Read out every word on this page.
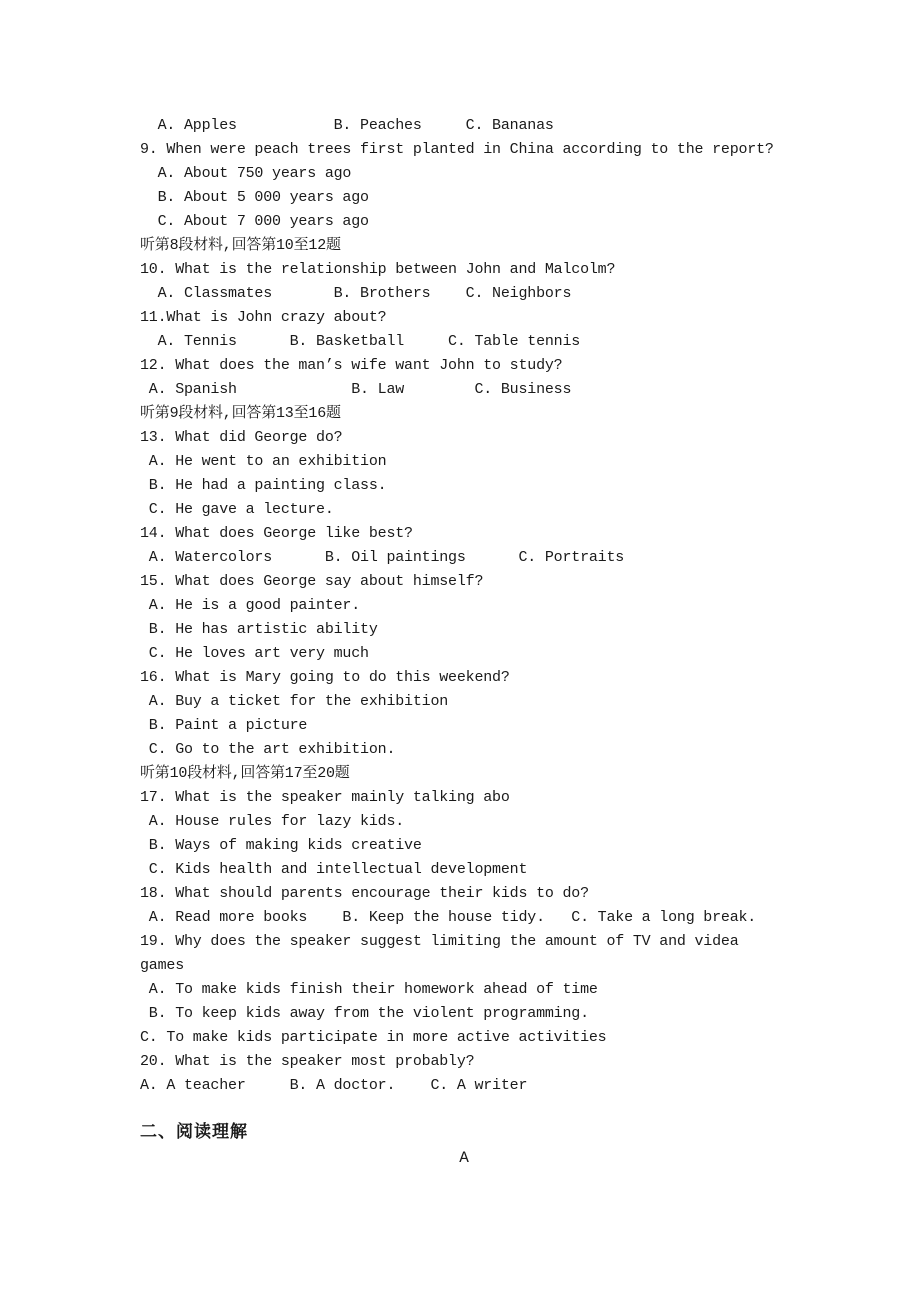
A. Apples           B. Peaches     C. Bananas
9. When were peach trees first planted in China according to the report?
A. About 750 years ago
B. About 5 000 years ago
C. About 7 000 years ago
听第8段材料,回答第10至12题
10. What is the relationship between John and Malcolm?
A. Classmates       B. Brothers    C. Neighbors
11.What is John crazy about?
A. Tennis      B. Basketball     C. Table tennis
12. What does the man’s wife want John to study?
A. Spanish             B. Law        C. Business
听第9段材料,回答第13至16题
13. What did George do?
A. He went to an exhibition
B. He had a painting class.
C. He gave a lecture.
14. What does George like best?
A. Watercolors      B. Oil paintings      C. Portraits
15. What does George say about himself?
A. He is a good painter.
B. He has artistic ability
C. He loves art very much
16. What is Mary going to do this weekend?
A. Buy a ticket for the exhibition
B. Paint a picture
C. Go to the art exhibition.
听第10段材料,回答第17至20题
17. What is the speaker mainly talking abo
A. House rules for lazy kids.
B. Ways of making kids creative
C. Kids health and intellectual development
18. What should parents encourage their kids to do?
A. Read more books    B. Keep the house tidy.   C. Take a long break.
19. Why does the speaker suggest limiting the amount of TV and videa
games
A. To make kids finish their homework ahead of time
B. To keep kids away from the violent programming.
C. To make kids participate in more active activities
20. What is the speaker most probably?
A. A teacher     B. A doctor.    C. A writer
二、阅读理解
A
